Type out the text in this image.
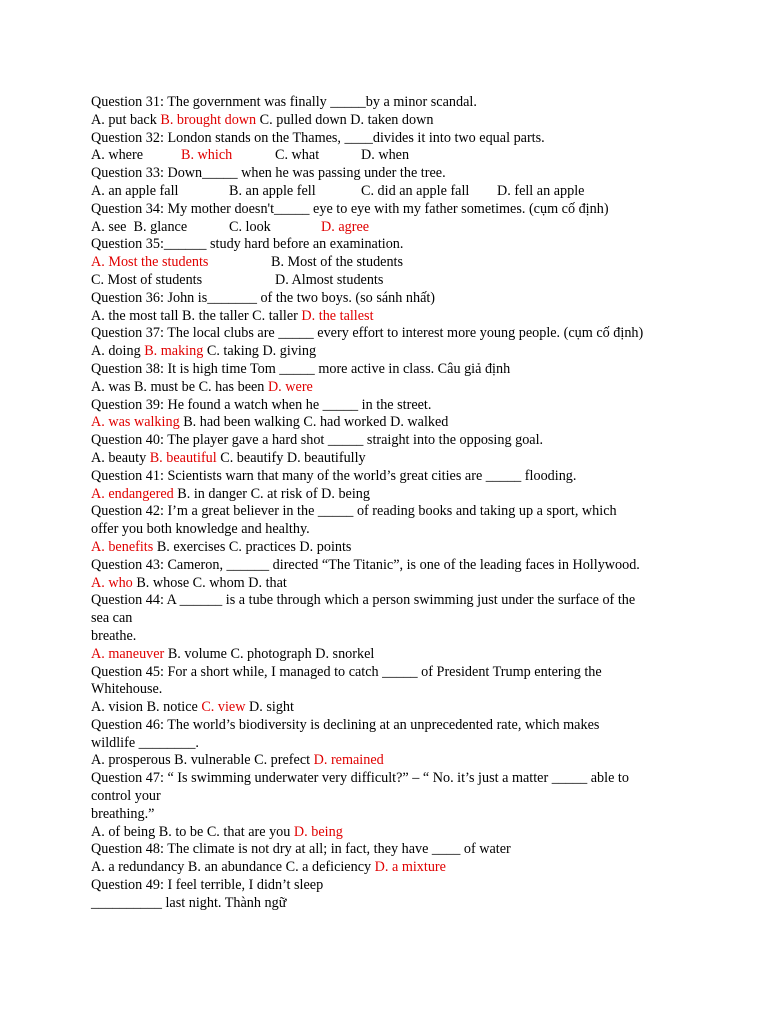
Question 31: The government was finally _____by a minor scandal.
A. put back B. brought down C. pulled down D. taken down
Question 32: London stands on the Thames, ____divides it into two equal parts.
A. where	B. which	C. what	D. when
Question 33: Down_____ when he was passing under the tree.
A. an apple fall	B. an apple fell	C. did an apple fall D. fell an apple
Question 34: My mother doesn't_____ eye to eye with my father sometimes. (cụm cố định)
A. see  B. glance	C. look	D. agree
Question 35:______ study hard before an examination.
A. Most the students	B. Most of the students
C. Most of students	D. Almost students
Question 36: John is_______ of the two boys. (so sánh nhất)
A. the most tall B. the taller C. taller D. the tallest
Question 37: The local clubs are _____ every effort to interest more young people. (cụm cố định)
A. doing B. making C. taking D. giving
Question 38: It is high time Tom _____ more active in class. Câu giả định
A. was B. must be C. has been D. were
Question 39: He found a watch when he _____ in the street.
A. was walking B. had been walking C. had worked D. walked
Question 40: The player gave a hard shot _____ straight into the opposing goal.
A. beauty B. beautiful C. beautify D. beautifully
Question 41: Scientists warn that many of the world’s great cities are _____ flooding.
A. endangered B. in danger C. at risk of D. being
Question 42: I’m a great believer in the _____ of reading books and taking up a sport, which
offer you both knowledge and healthy.
A. benefits B. exercises C. practices D. points
Question 43: Cameron, ______ directed “The Titanic”, is one of the leading faces in Hollywood.
A. who B. whose C. whom D. that
Question 44: A ______ is a tube through which a person swimming just under the surface of the
sea can
breathe.
A. maneuver B. volume C. photograph D. snorkel
Question 45: For a short while, I managed to catch _____ of President Trump entering the
Whitehouse.
A. vision B. notice C. view D. sight
Question 46: The world’s biodiversity is declining at an unprecedented rate, which makes
wildlife ________.
A. prosperous B. vulnerable C. prefect D. remained
Question 47: “ Is swimming underwater very difficult?” – “ No. it’s just a matter _____ able to
control your
breathing.”
A. of being B. to be C. that are you D. being
Question 48: The climate is not dry at all; in fact, they have ____ of water
A. a redundancy B. an abundance C. a deficiency D. a mixture
Question 49: I feel terrible, I didn’t sleep
__________ last night. Thành ngữ
